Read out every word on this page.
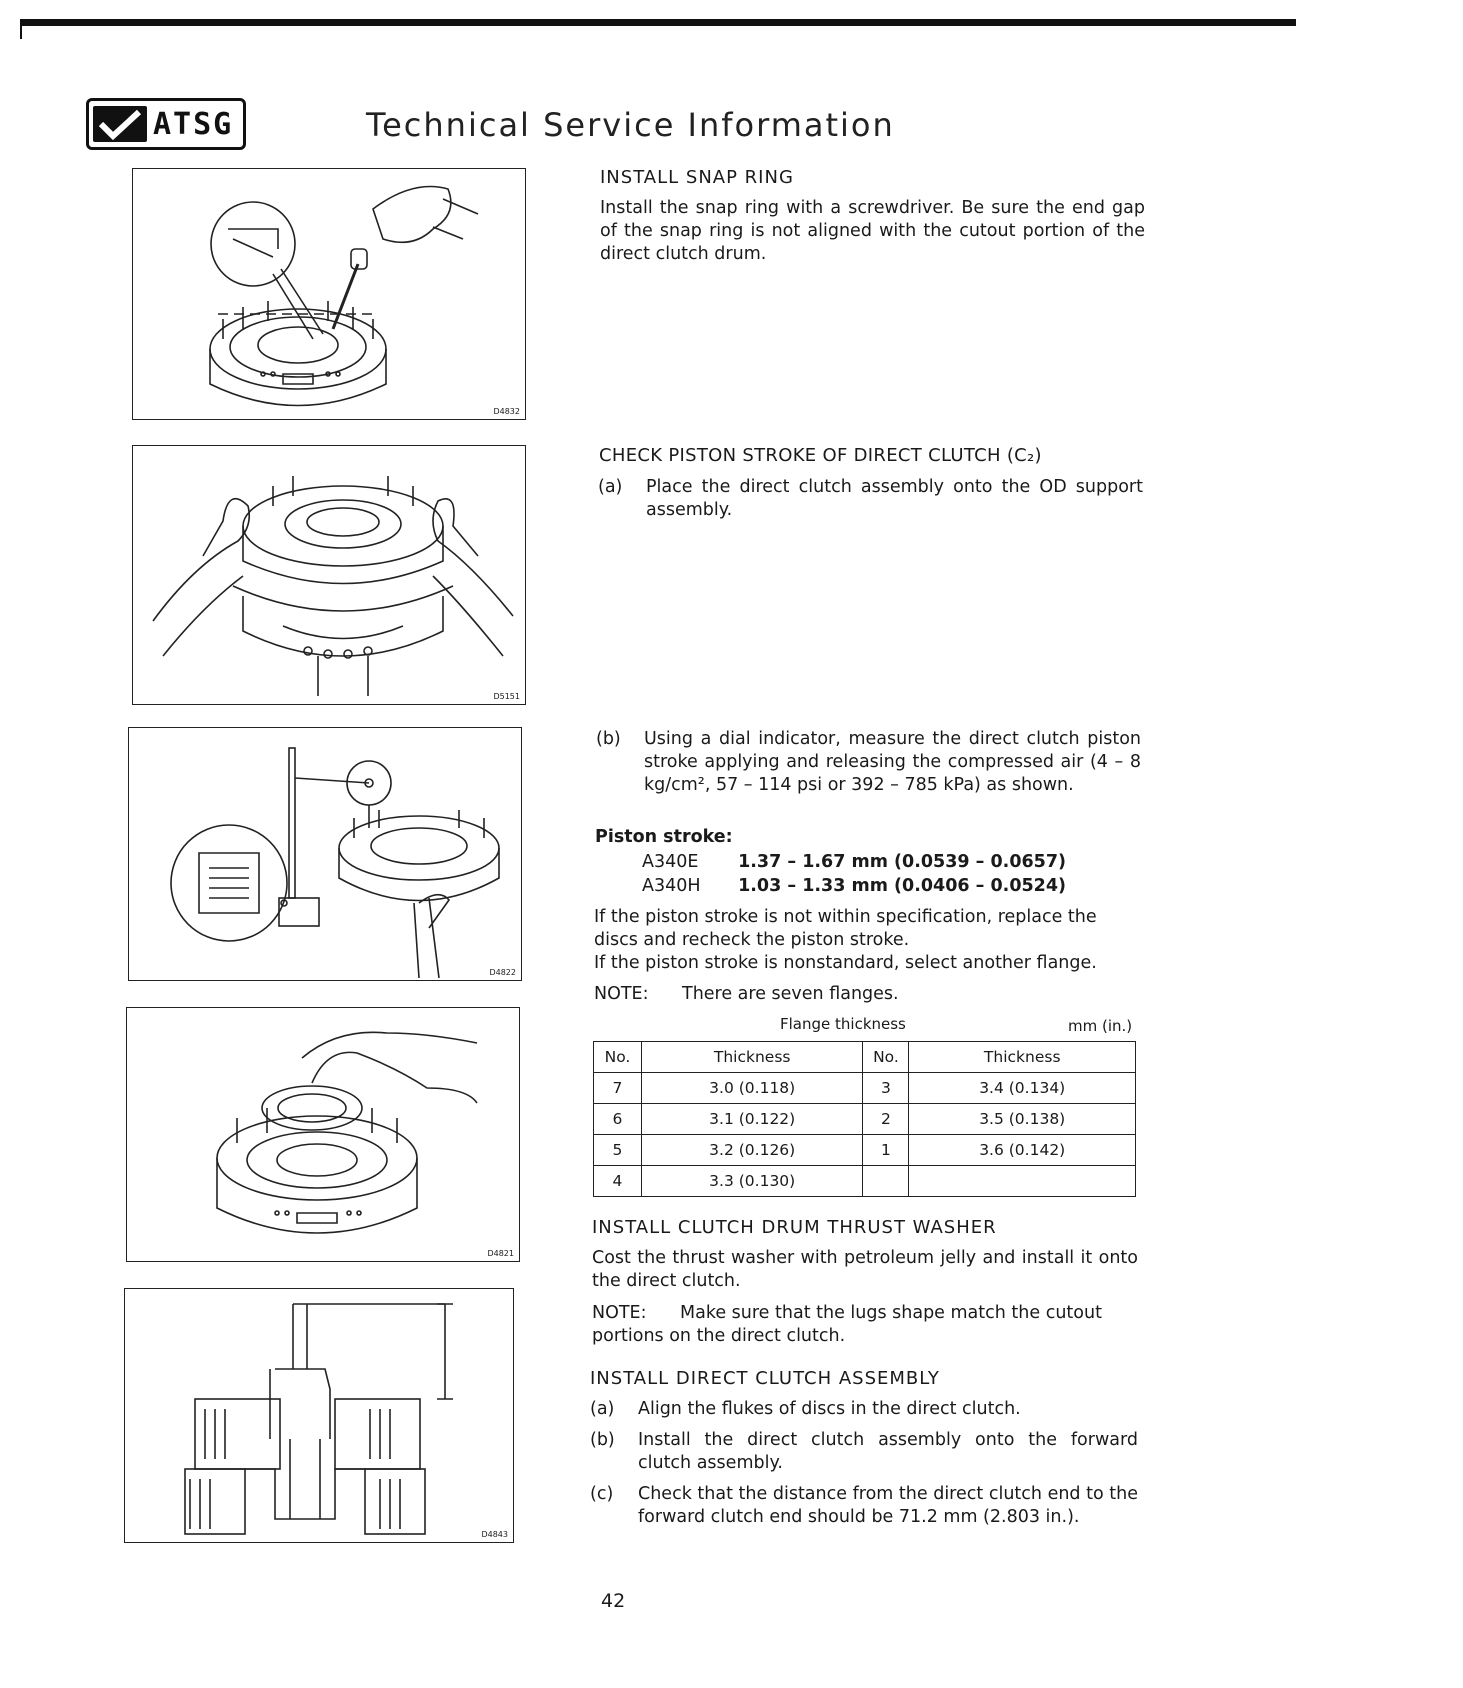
ATSG	Technical Service Information
D4832
D5151
D4822
D4821
D4843
INSTALL SNAP RING
Install the snap ring with a screwdriver. Be sure the end gap of the snap ring is not aligned with the cutout portion of the direct clutch drum.
CHECK PISTON STROKE OF DIRECT CLUTCH (C₂)
(a) Place the direct clutch assembly onto the OD support assembly.
(b) Using a dial indicator, measure the direct clutch piston stroke applying and releasing the compressed air (4 – 8 kg/cm², 57 – 114 psi or 392 – 785 kPa) as shown.
Piston stroke:
A340E 1.37 – 1.67 mm (0.0539 – 0.0657)
A340H 1.03 – 1.33 mm (0.0406 – 0.0524)
If the piston stroke is not within specification, replace the discs and recheck the piston stroke.
If the piston stroke is nonstandard, select another flange.
NOTE: There are seven flanges.
Flange thickness	mm (in.)
No.	Thickness	No.	Thickness
7	3.0 (0.118)	3	3.4 (0.134)
6	3.1 (0.122)	2	3.5 (0.138)
5	3.2 (0.126)	1	3.6 (0.142)
4	3.3 (0.130)		
INSTALL CLUTCH DRUM THRUST WASHER
Cost the thrust washer with petroleum jelly and install it onto the direct clutch.
NOTE: Make sure that the lugs shape match the cutout portions on the direct clutch.
INSTALL DIRECT CLUTCH ASSEMBLY
(a) Align the flukes of discs in the direct clutch.
(b) Install the direct clutch assembly onto the forward clutch assembly.
(c) Check that the distance from the direct clutch end to the forward clutch end should be 71.2 mm (2.803 in.).
42
